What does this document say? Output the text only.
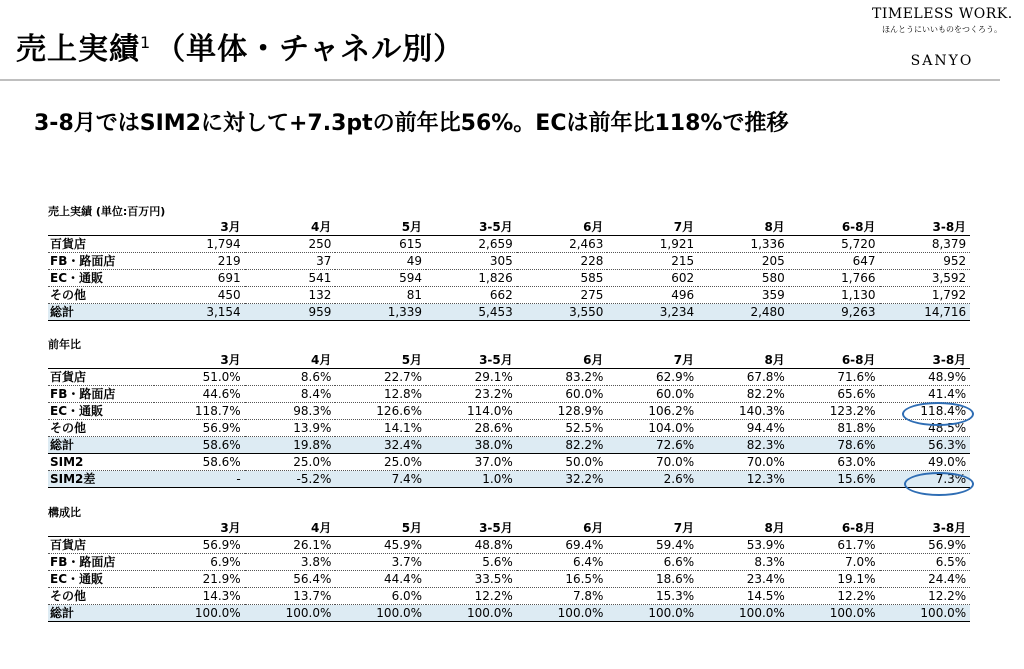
売上実績$^1$ （単体・チャネル別）
TIMELESS WORK.
ほんとうにいいものをつくろう。
SANYO
3-8月ではSIM2に対して+7.3ptの前年比56%。ECは前年比118%で推移
売上実績 (単位:百万円)
	3月	4月	5月	3-5月	6月	7月	8月	6-8月	3-8月
百貨店	1,794	250	615	2,659	2,463	1,921	1,336	5,720	8,379
FB・路面店	219	37	49	305	228	215	205	647	952
EC・通販	691	541	594	1,826	585	602	580	1,766	3,592
その他	450	132	81	662	275	496	359	1,130	1,792
総計	3,154	959	1,339	5,453	3,550	3,234	2,480	9,263	14,716
前年比
	3月	4月	5月	3-5月	6月	7月	8月	6-8月	3-8月
百貨店	51.0%	8.6%	22.7%	29.1%	83.2%	62.9%	67.8%	71.6%	48.9%
FB・路面店	44.6%	8.4%	12.8%	23.2%	60.0%	60.0%	82.2%	65.6%	41.4%
EC・通販	118.7%	98.3%	126.6%	114.0%	128.9%	106.2%	140.3%	123.2%	118.4%
その他	56.9%	13.9%	14.1%	28.6%	52.5%	104.0%	94.4%	81.8%	48.5%
総計	58.6%	19.8%	32.4%	38.0%	82.2%	72.6%	82.3%	78.6%	56.3%
SIM2	58.6%	25.0%	25.0%	37.0%	50.0%	70.0%	70.0%	63.0%	49.0%
SIM2差	-	-5.2%	7.4%	1.0%	32.2%	2.6%	12.3%	15.6%	7.3%
構成比
	3月	4月	5月	3-5月	6月	7月	8月	6-8月	3-8月
百貨店	56.9%	26.1%	45.9%	48.8%	69.4%	59.4%	53.9%	61.7%	56.9%
FB・路面店	6.9%	3.8%	3.7%	5.6%	6.4%	6.6%	8.3%	7.0%	6.5%
EC・通販	21.9%	56.4%	44.4%	33.5%	16.5%	18.6%	23.4%	19.1%	24.4%
その他	14.3%	13.7%	6.0%	12.2%	7.8%	15.3%	14.5%	12.2%	12.2%
総計	100.0%	100.0%	100.0%	100.0%	100.0%	100.0%	100.0%	100.0%	100.0%
